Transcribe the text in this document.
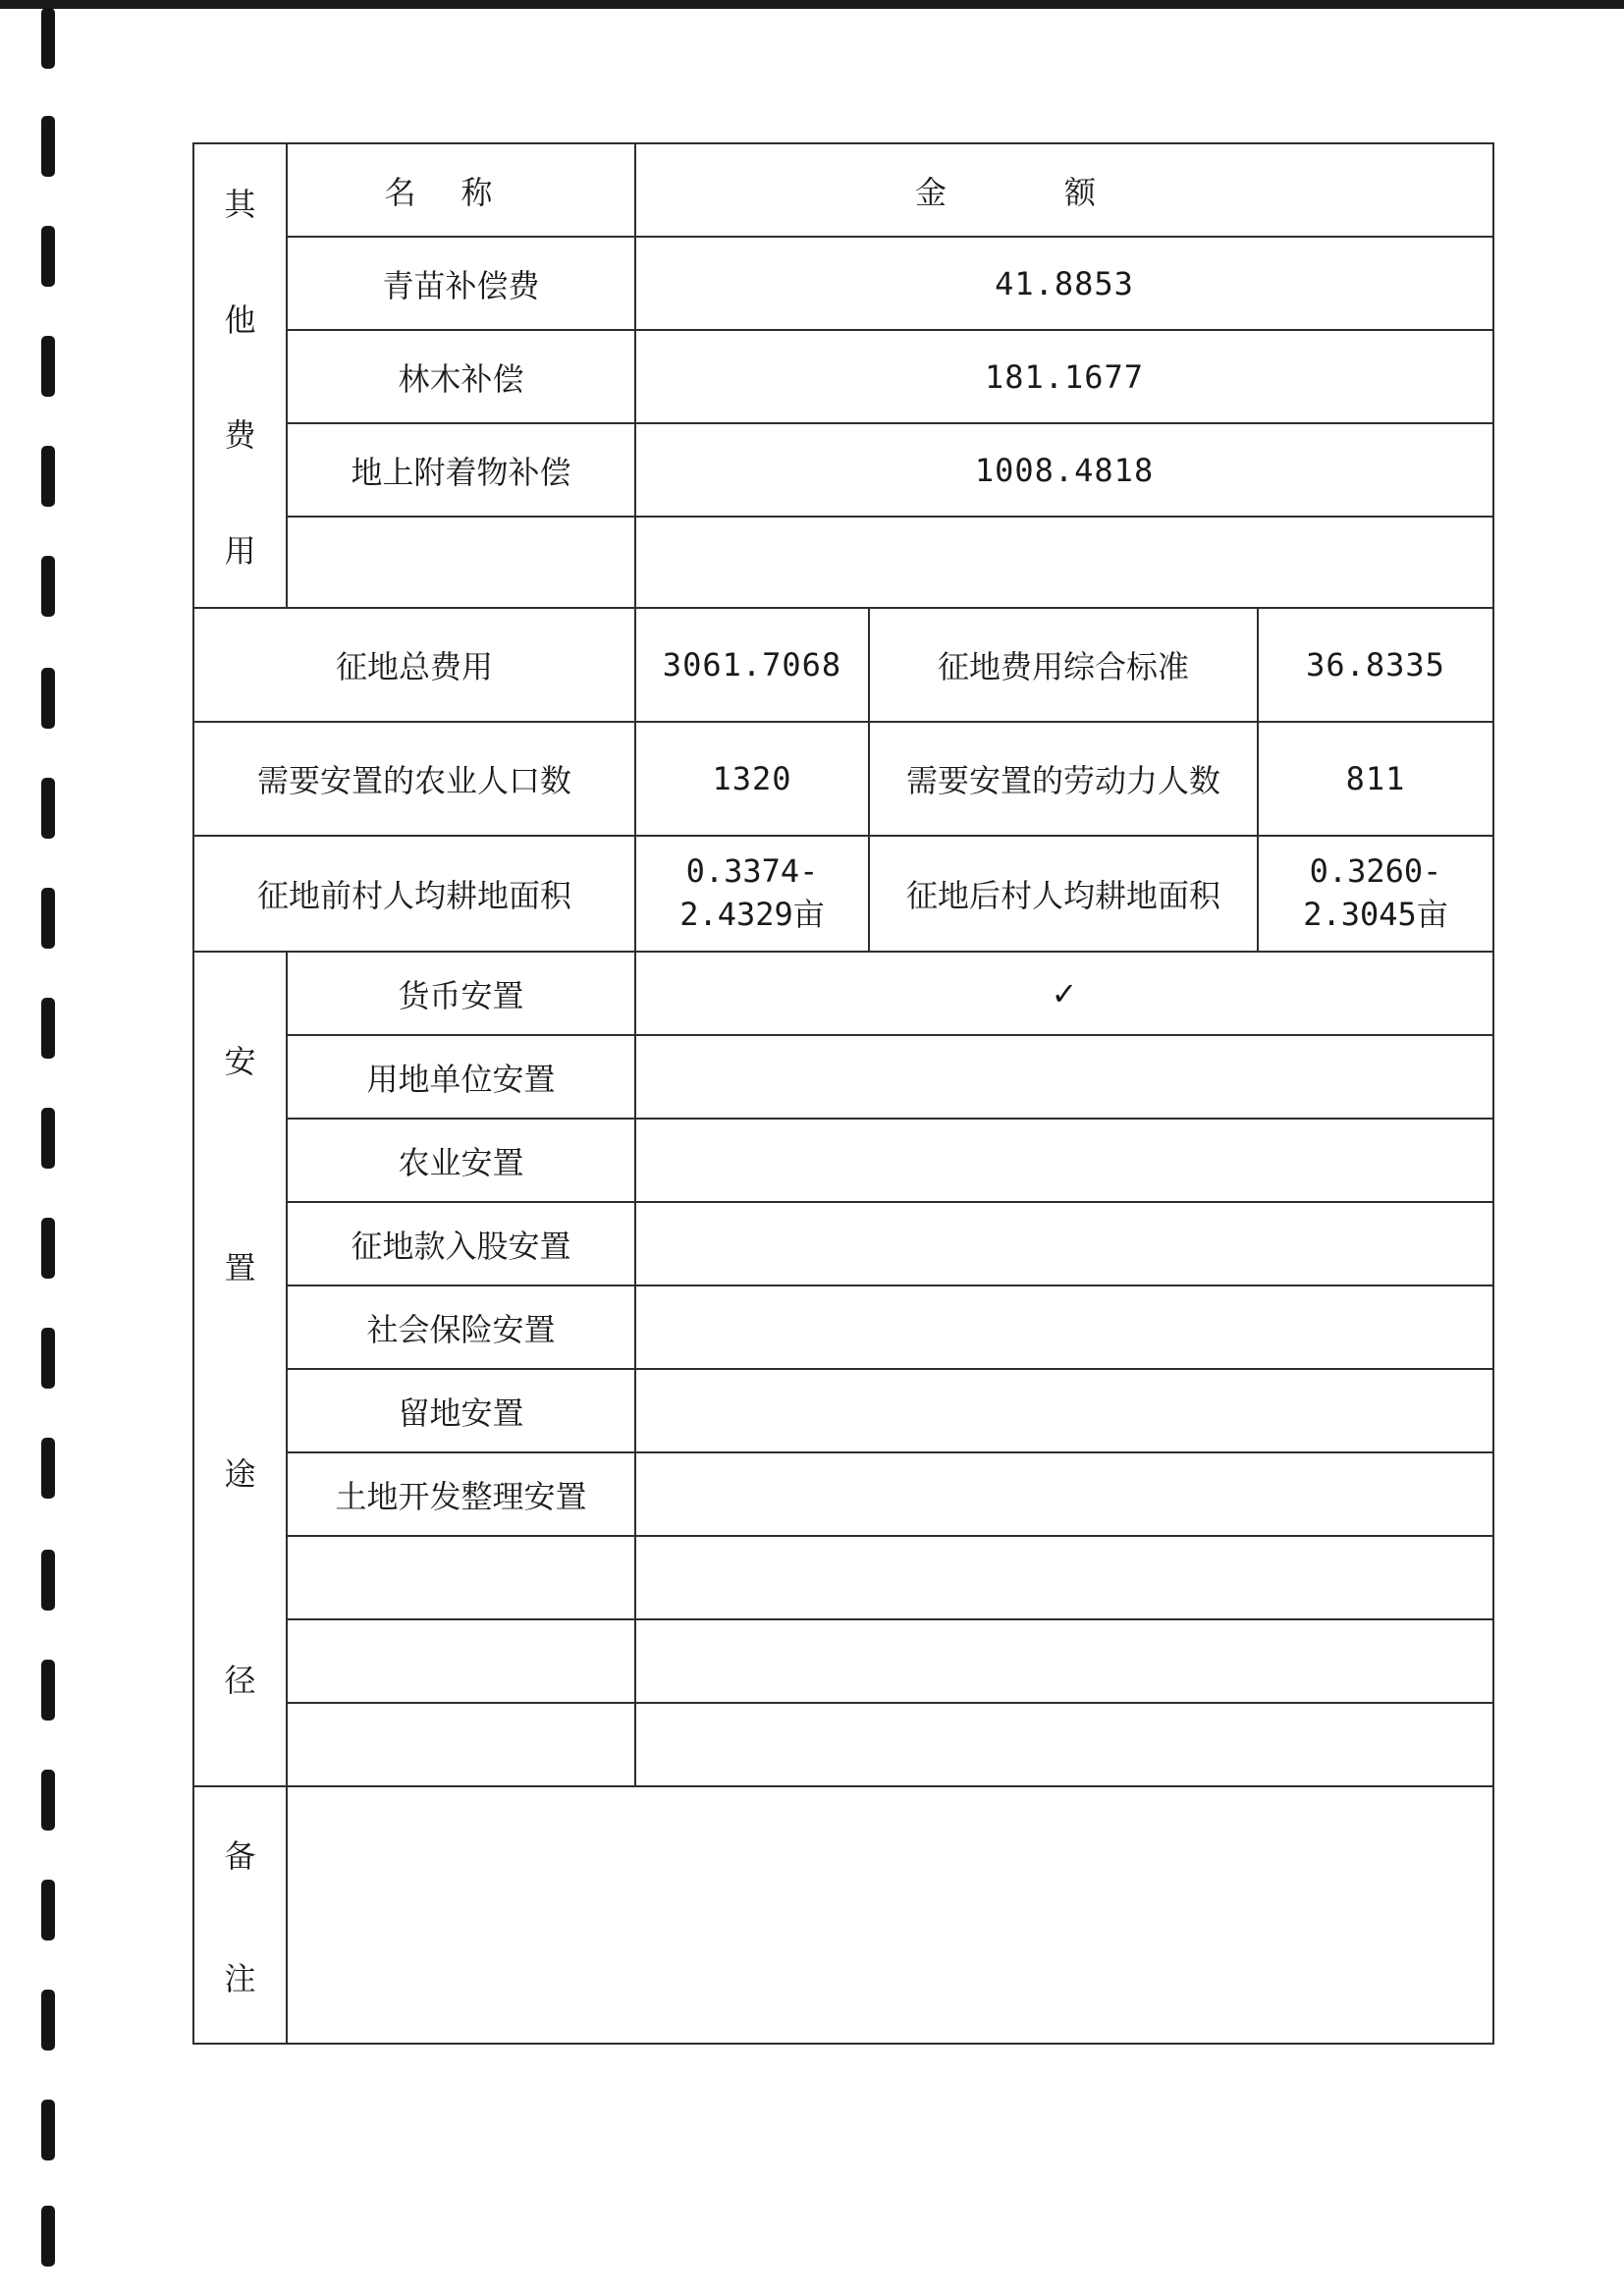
其
他
费
用	名称	金额		
	青苗补偿费	41.8853		
	林木补偿	181.1677		
	地上附着物补偿	1008.4818		

征地总费用		3061.7068	征地费用综合标准	36.8335
需要安置的农业人口数		1320	需要安置的劳动力人数	811
征地前村人均耕地面积		0.3374-2.4329亩	征地后村人均耕地面积	0.3260-2.3045亩

安
置
途
径	货币安置	✓		
	用地单位安置			
	农业安置			
	征地款入股安置			
	社会保险安置			
	留地安置			
	土地开发整理安置			

备
注				
